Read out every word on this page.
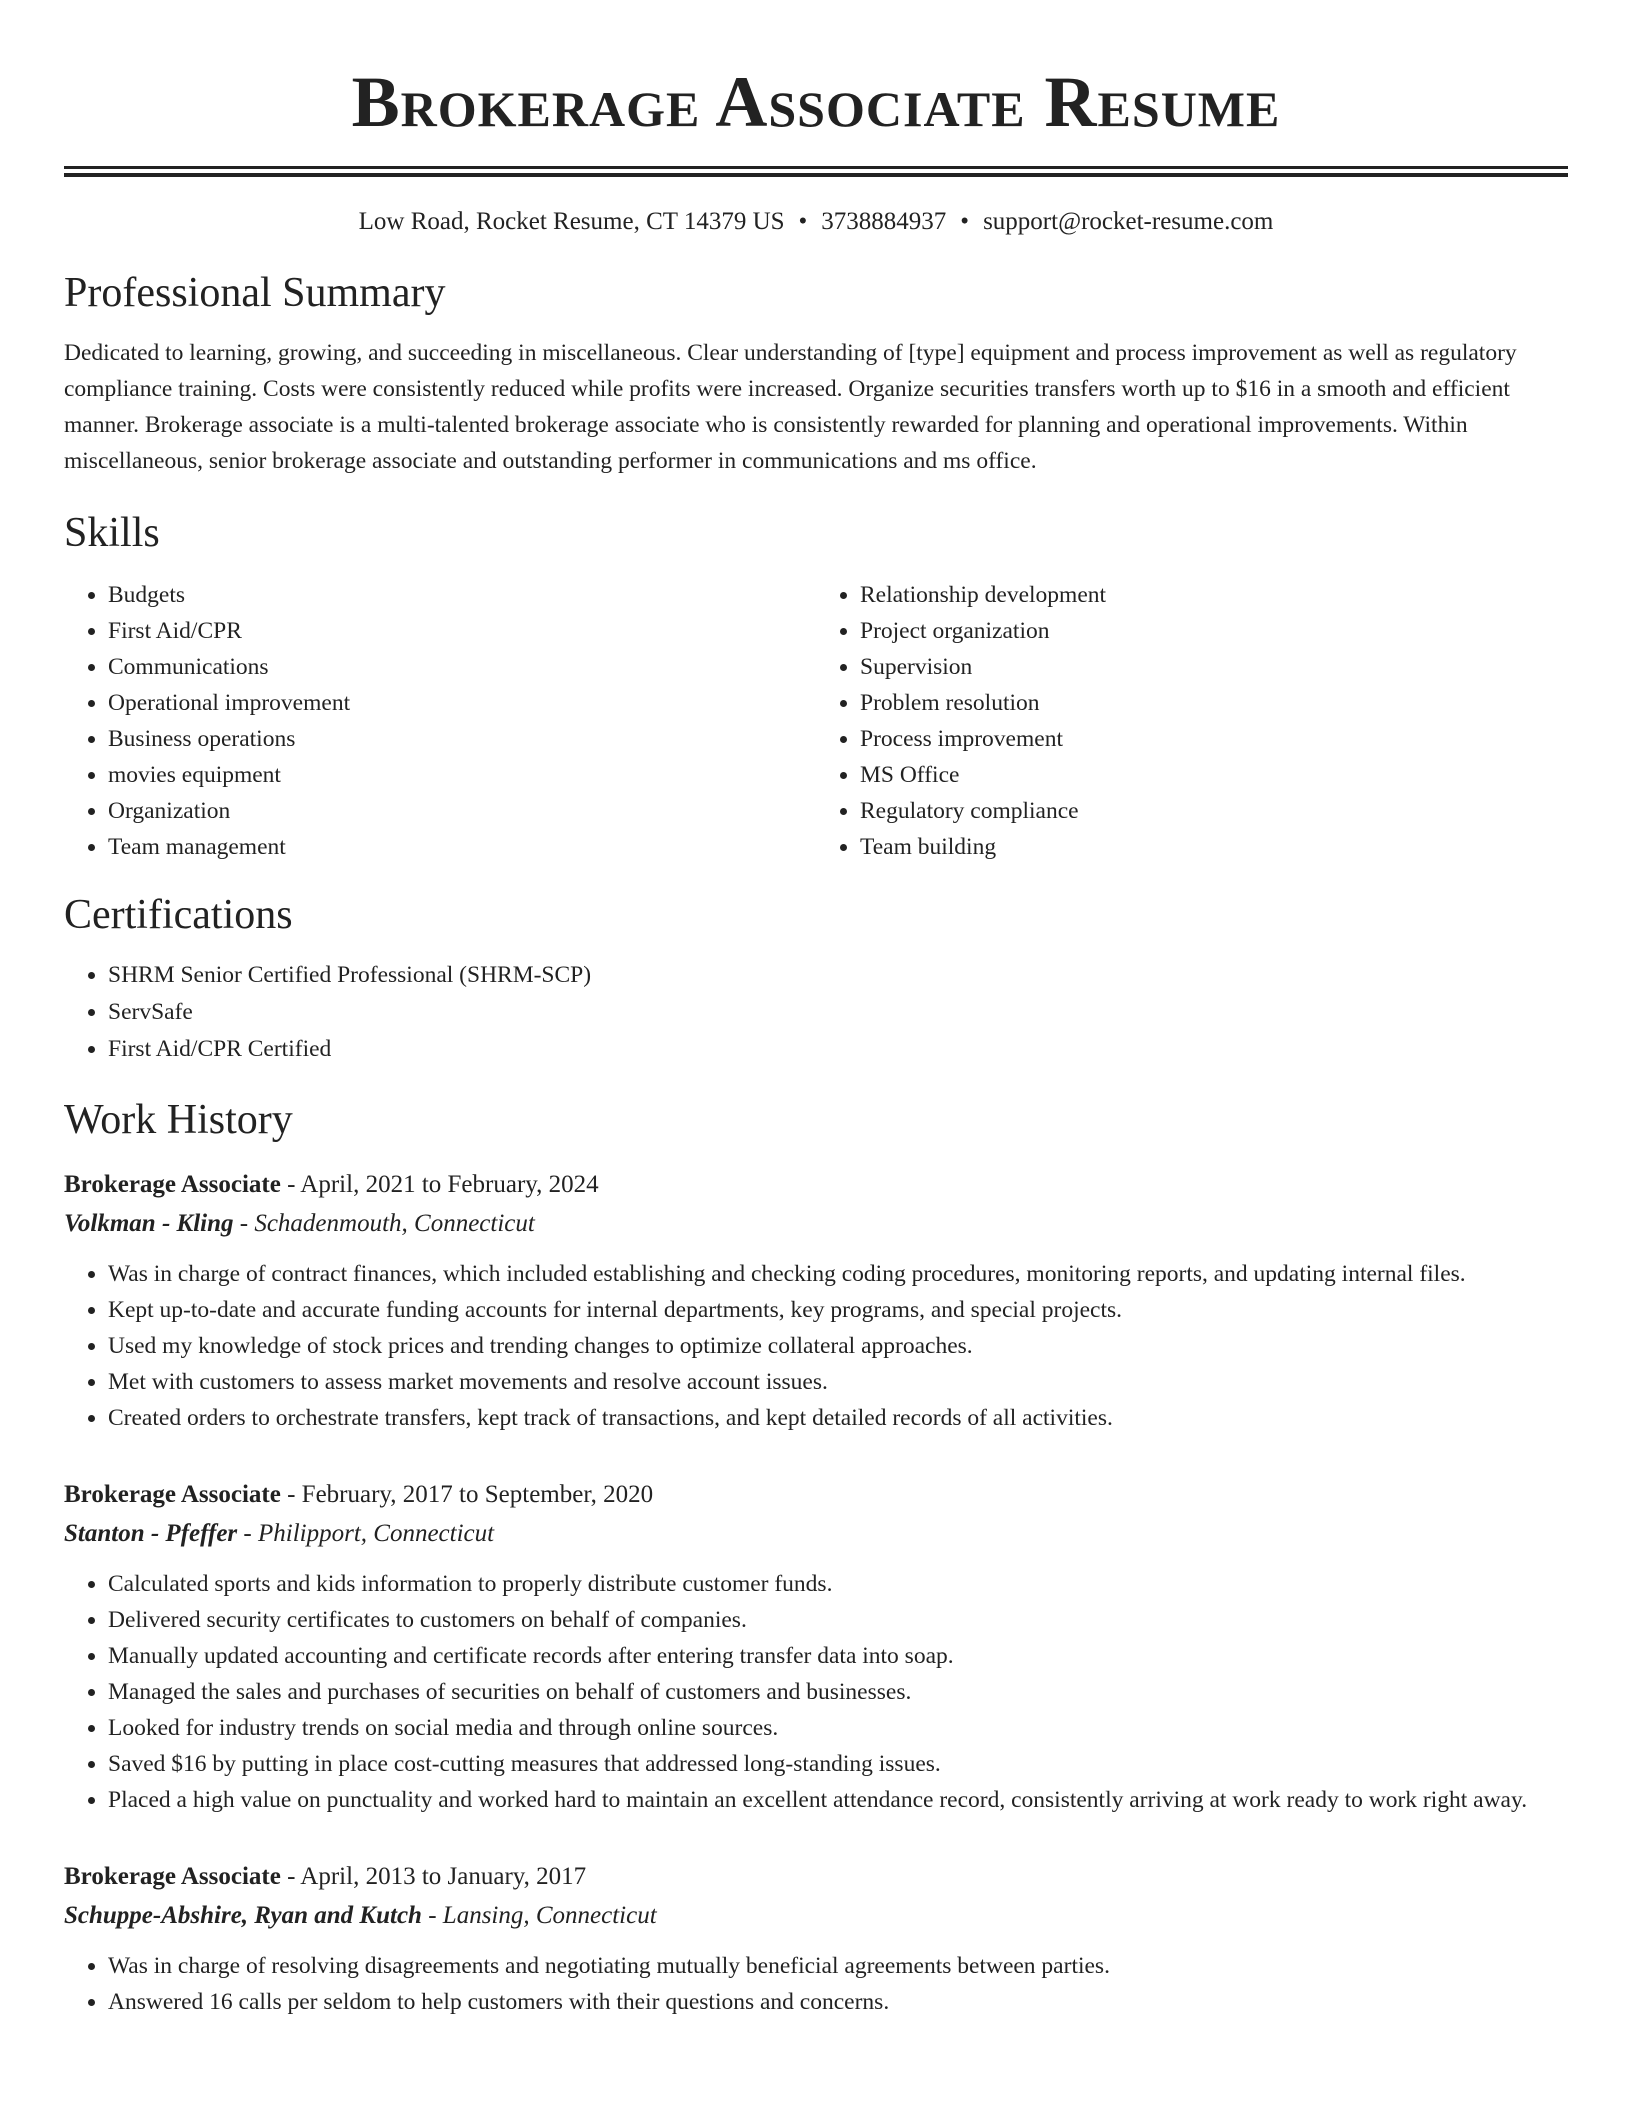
Brokerage Associate Resume
Low Road, Rocket Resume, CT 14379 US • 3738884937 • support@rocket-resume.com
Professional Summary

Dedicated to learning, growing, and succeeding in miscellaneous. Clear understanding of [type] equipment and process improvement as well as regulatory compliance training. Costs were consistently reduced while profits were increased. Organize securities transfers worth up to $16 in a smooth and efficient manner. Brokerage associate is a multi-talented brokerage associate who is consistently rewarded for planning and operational improvements. Within miscellaneous, senior brokerage associate and outstanding performer in communications and ms office.

Skills
• Budgets
• First Aid/CPR
• Communications
• Operational improvement
• Business operations
• movies equipment
• Organization
• Team management
• Relationship development
• Project organization
• Supervision
• Problem resolution
• Process improvement
• MS Office
• Regulatory compliance
• Team building
Certifications
• SHRM Senior Certified Professional (SHRM-SCP)
• ServSafe
• First Aid/CPR Certified
Work History
Brokerage Associate - April, 2021 to February, 2024
Volkman - Kling - Schadenmouth, Connecticut
• Was in charge of contract finances, which included establishing and checking coding procedures, monitoring reports, and updating internal files.
• Kept up-to-date and accurate funding accounts for internal departments, key programs, and special projects.
• Used my knowledge of stock prices and trending changes to optimize collateral approaches.
• Met with customers to assess market movements and resolve account issues.
• Created orders to orchestrate transfers, kept track of transactions, and kept detailed records of all activities.
Brokerage Associate - February, 2017 to September, 2020
Stanton - Pfeffer - Philipport, Connecticut
• Calculated sports and kids information to properly distribute customer funds.
• Delivered security certificates to customers on behalf of companies.
• Manually updated accounting and certificate records after entering transfer data into soap.
• Managed the sales and purchases of securities on behalf of customers and businesses.
• Looked for industry trends on social media and through online sources.
• Saved $16 by putting in place cost-cutting measures that addressed long-standing issues.
• Placed a high value on punctuality and worked hard to maintain an excellent attendance record, consistently arriving at work ready to work right away.
Brokerage Associate - April, 2013 to January, 2017
Schuppe-Abshire, Ryan and Kutch - Lansing, Connecticut
• Was in charge of resolving disagreements and negotiating mutually beneficial agreements between parties.
• Answered 16 calls per seldom to help customers with their questions and concerns.
